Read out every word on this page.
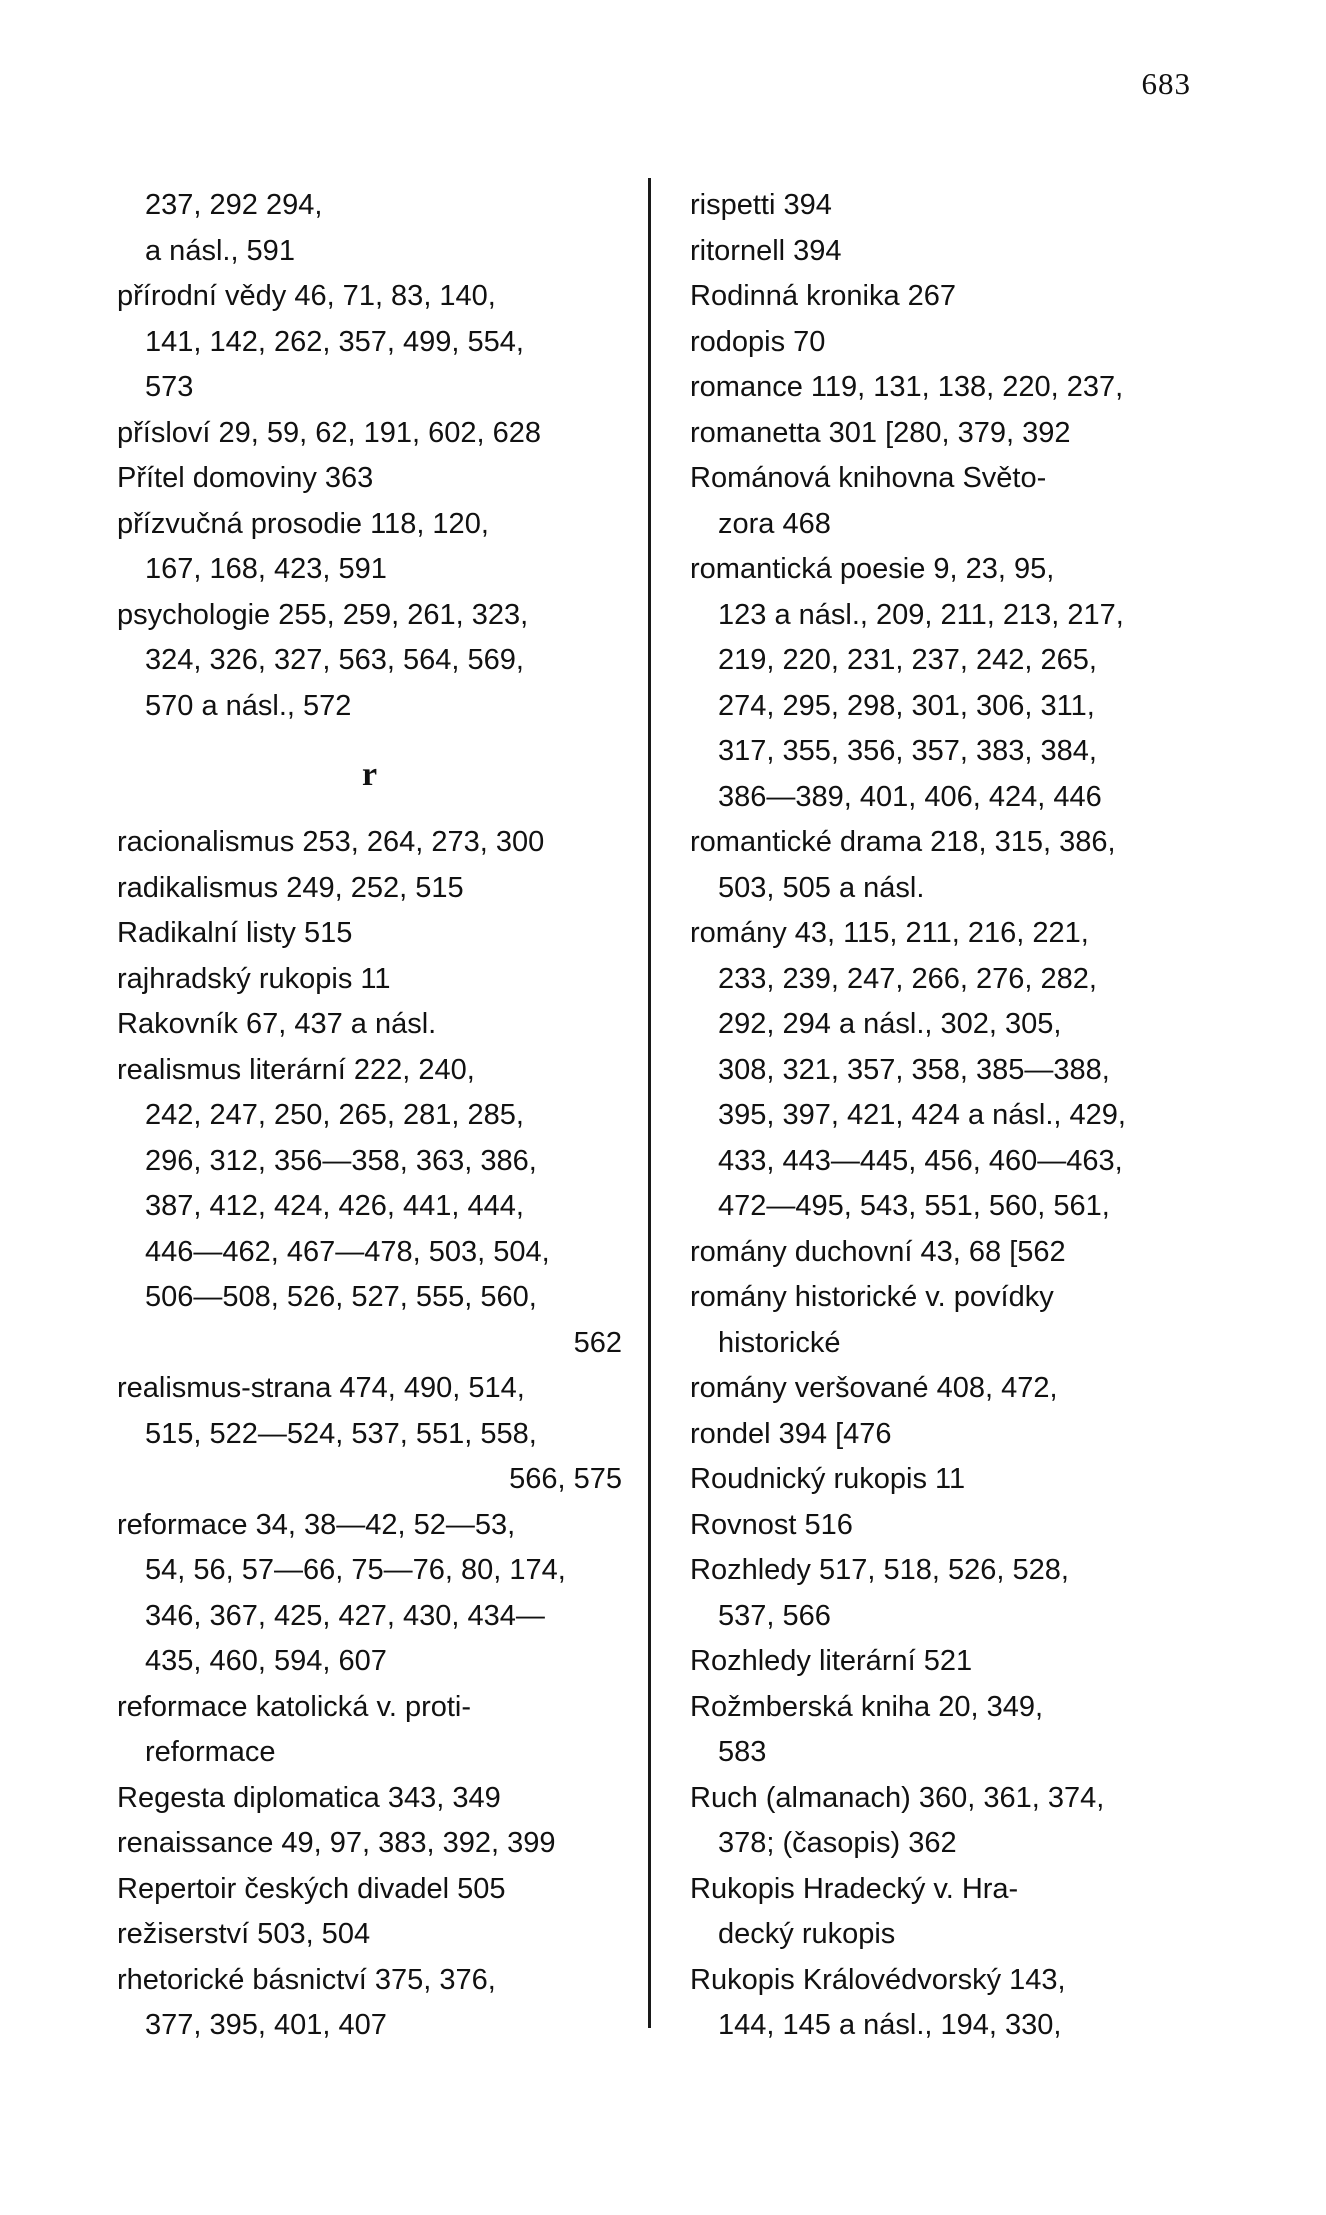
683
237, 292 294,
a násl., 591
přírodní vědy 46, 71, 83, 140,
141, 142, 262, 357, 499, 554,
573
přísloví 29, 59, 62, 191, 602, 628
Přítel domoviny 363
přízvučná prosodie 118, 120,
167, 168, 423, 591
psychologie 255, 259, 261, 323,
324, 326, 327, 563, 564, 569,
570 a násl., 572
r
racionalismus 253, 264, 273, 300
radikalismus 249, 252, 515
Radikalní listy 515
rajhradský rukopis 11
Rakovník 67, 437 a násl.
realismus literární 222, 240,
242, 247, 250, 265, 281, 285,
296, 312, 356—358, 363, 386,
387, 412, 424, 426, 441, 444,
446—462, 467—478, 503, 504,
506—508, 526, 527, 555, 560,
562
realismus-strana 474, 490, 514,
515, 522—524, 537, 551, 558,
566, 575
reformace 34, 38—42, 52—53,
54, 56, 57—66, 75—76, 80, 174,
346, 367, 425, 427, 430, 434—
435, 460, 594, 607
reformace katolická v. proti-
reformace
Regesta diplomatica 343, 349
renaissance 49, 97, 383, 392, 399
Repertoir českých divadel 505
režiserství 503, 504
rhetorické básnictví 375, 376,
377, 395, 401, 407
rispetti 394
ritornell 394
Rodinná kronika 267
rodopis 70
romance 119, 131, 138, 220, 237,
romanetta 301 [280, 379, 392
Románová knihovna Světo-
zora 468
romantická poesie 9, 23, 95,
123 a násl., 209, 211, 213, 217,
219, 220, 231, 237, 242, 265,
274, 295, 298, 301, 306, 311,
317, 355, 356, 357, 383, 384,
386—389, 401, 406, 424, 446
romantické drama 218, 315, 386,
503, 505 a násl.
romány 43, 115, 211, 216, 221,
233, 239, 247, 266, 276, 282,
292, 294 a násl., 302, 305,
308, 321, 357, 358, 385—388,
395, 397, 421, 424 a násl., 429,
433, 443—445, 456, 460—463,
472—495, 543, 551, 560, 561,
romány duchovní 43, 68 [562
romány historické v. povídky
historické
romány veršované 408, 472,
rondel 394 [476
Roudnický rukopis 11
Rovnost 516
Rozhledy 517, 518, 526, 528,
537, 566
Rozhledy literární 521
Rožmberská kniha 20, 349,
583
Ruch (almanach) 360, 361, 374,
378; (časopis) 362
Rukopis Hradecký v. Hra-
decký rukopis
Rukopis Královédvorský 143,
144, 145 a násl., 194, 330,
